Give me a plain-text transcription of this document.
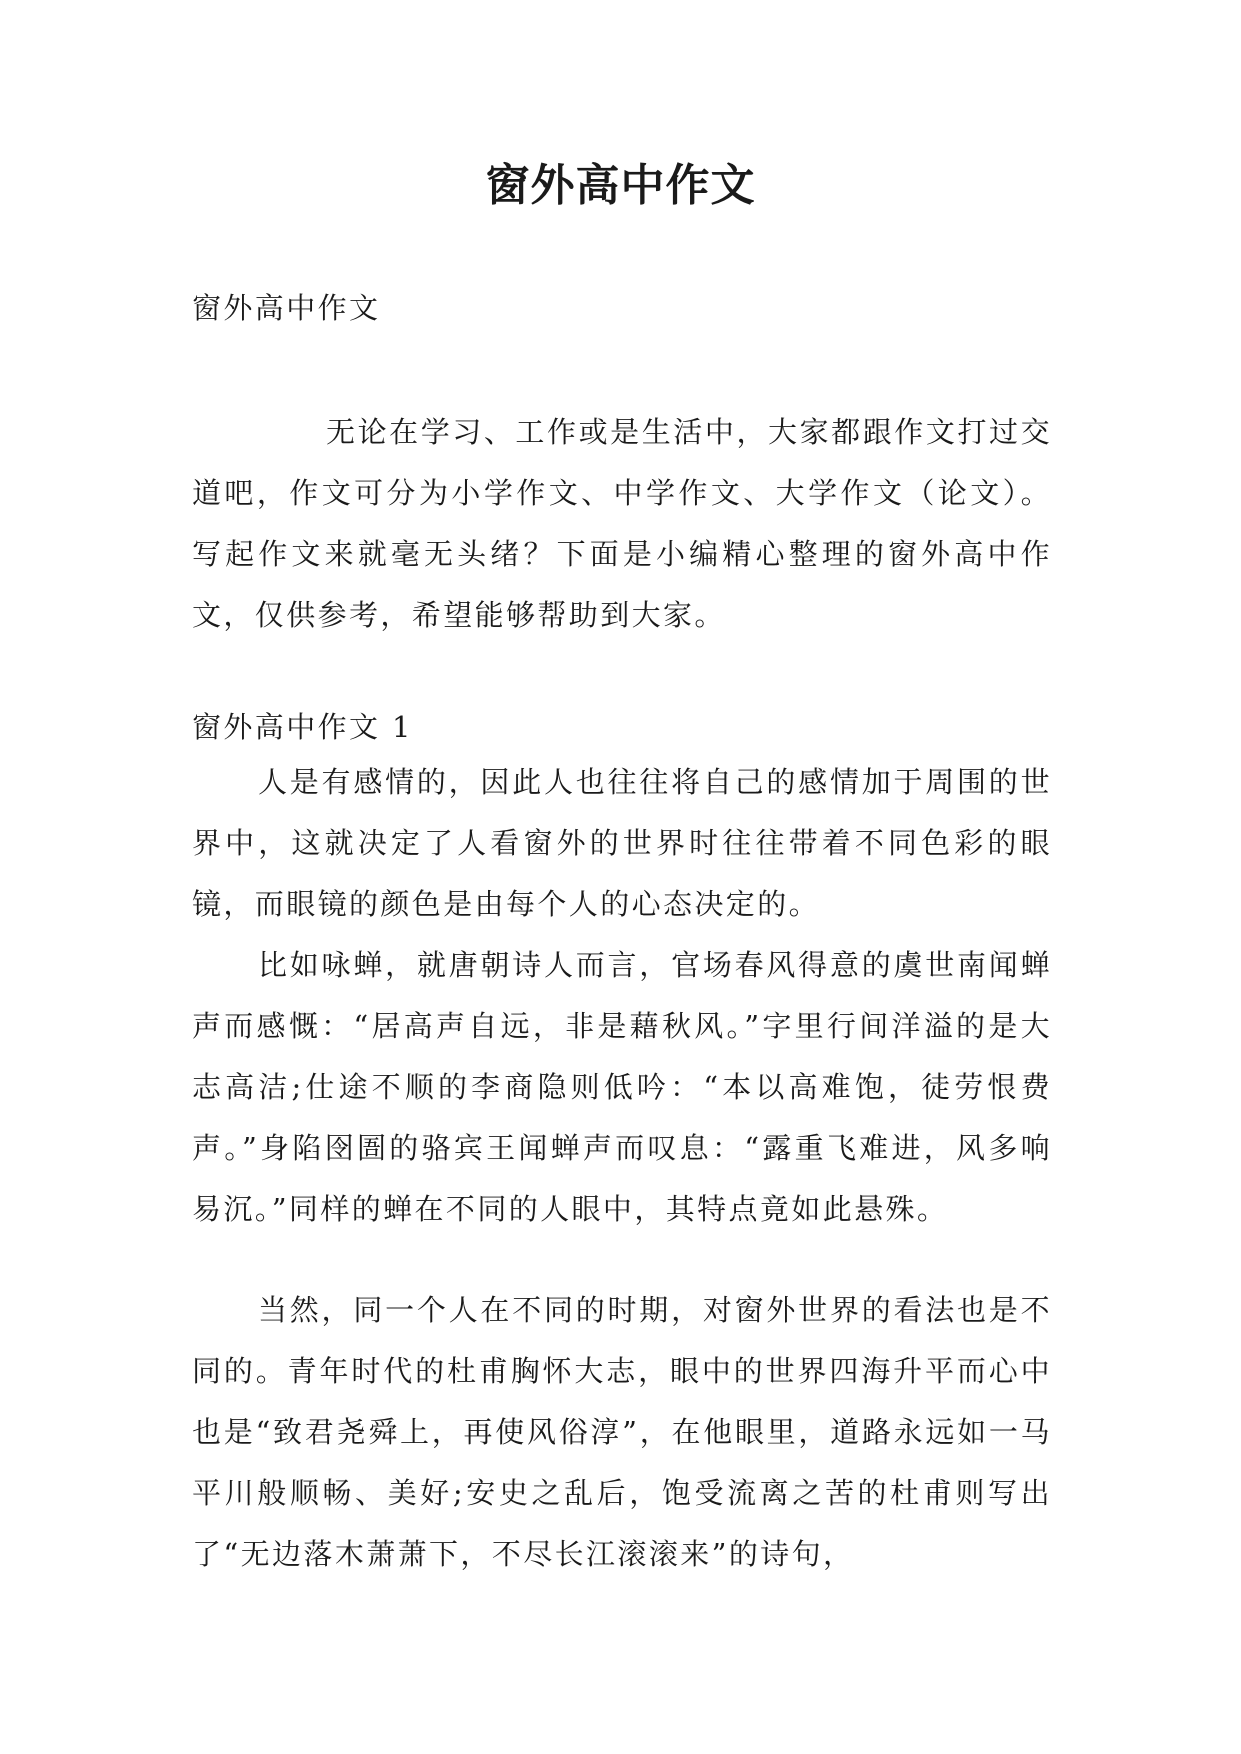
窗外高中作文
窗外高中作文
无论在学习、工作或是生活中，大家都跟作文打过交道吧，作文可分为小学作文、中学作文、大学作文（论文）。写起作文来就毫无头绪？下面是小编精心整理的窗外高中作文，仅供参考，希望能够帮助到大家。
窗外高中作文 1
人是有感情的，因此人也往往将自己的感情加于周围的世界中，这就决定了人看窗外的世界时往往带着不同色彩的眼镜，而眼镜的颜色是由每个人的心态决定的。
比如咏蝉，就唐朝诗人而言，官场春风得意的虞世南闻蝉声而感慨：“居高声自远，非是藉秋风。”字里行间洋溢的是大志高洁;仕途不顺的李商隐则低吟：“本以高难饱，徒劳恨费声。”身陷囹圄的骆宾王闻蝉声而叹息：“露重飞难进，风多响易沉。”同样的蝉在不同的人眼中，其特点竟如此悬殊。
当然，同一个人在不同的时期，对窗外世界的看法也是不同的。青年时代的杜甫胸怀大志，眼中的世界四海升平而心中也是“致君尧舜上，再使风俗淳”，在他眼里，道路永远如一马平川般顺畅、美好;安史之乱后，饱受流离之苦的杜甫则写出了“无边落木萧萧下，不尽长江滚滚来”的诗句，
